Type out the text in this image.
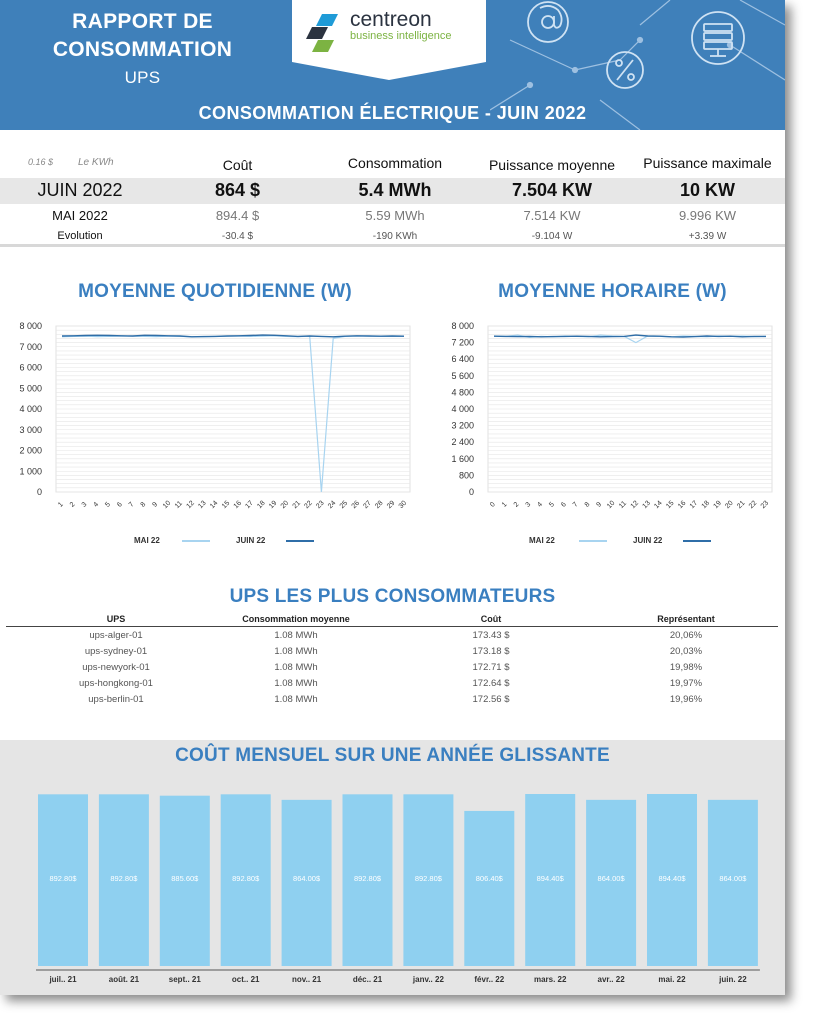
RAPPORT DE
CONSOMMATION
UPS
centreon
business intelligence
CONSOMMATION ÉLECTRIQUE - JUIN 2022
0.16 $ Le KWh	Coût	Consommation	Puissance moyenne	Puissance maximale
JUIN 2022	864 $	5.4 MWh	7.504 KW	10 KW
MAI 2022	894.4 $	5.59 MWh	7.514 KW	9.996 KW
Evolution	-30.4 $	-190 KWh	-9.104 W	+3.39 W
MOYENNE QUOTIDIENNE (W)	MOYENNE HORAIRE (W)
0
1 000
2 000
3 000
4 000
5 000
6 000
7 000
8 000
1 2 3 4 5 6 7 8 9 10 11 12 13 14 15 16 17 18 19 20 21 22 23 24 25 26 27 28 29 30
0
800
1 600
2 400
3 200
4 000
4 800
5 600
6 400
7 200
8 000
0 1 2 3 4 5 6 7 8 9 10 11 12 13 14 15 16 17 18 19 20 21 22 23
MAI 22	JUIN 22	MAI 22	JUIN 22
UPS LES PLUS CONSOMMATEURS
UPS	Consommation moyenne	Coût	Représentant
ups-alger-01	1.08 MWh	173.43 $	20,06%
ups-sydney-01	1.08 MWh	173.18 $	20,03%
ups-newyork-01	1.08 MWh	172.71 $	19,98%
ups-hongkong-01	1.08 MWh	172.64 $	19,97%
ups-berlin-01	1.08 MWh	172.56 $	19,96%
COÛT MENSUEL SUR UNE ANNÉE GLISSANTE
892.80$
juil.. 21
892.80$
août. 21
885.60$
sept.. 21
892.80$
oct.. 21
864.00$
nov.. 21
892.80$
déc.. 21
892.80$
janv.. 22
806.40$
févr.. 22
894.40$
mars. 22
864.00$
avr.. 22
894.40$
mai. 22
864.00$
juin. 22
